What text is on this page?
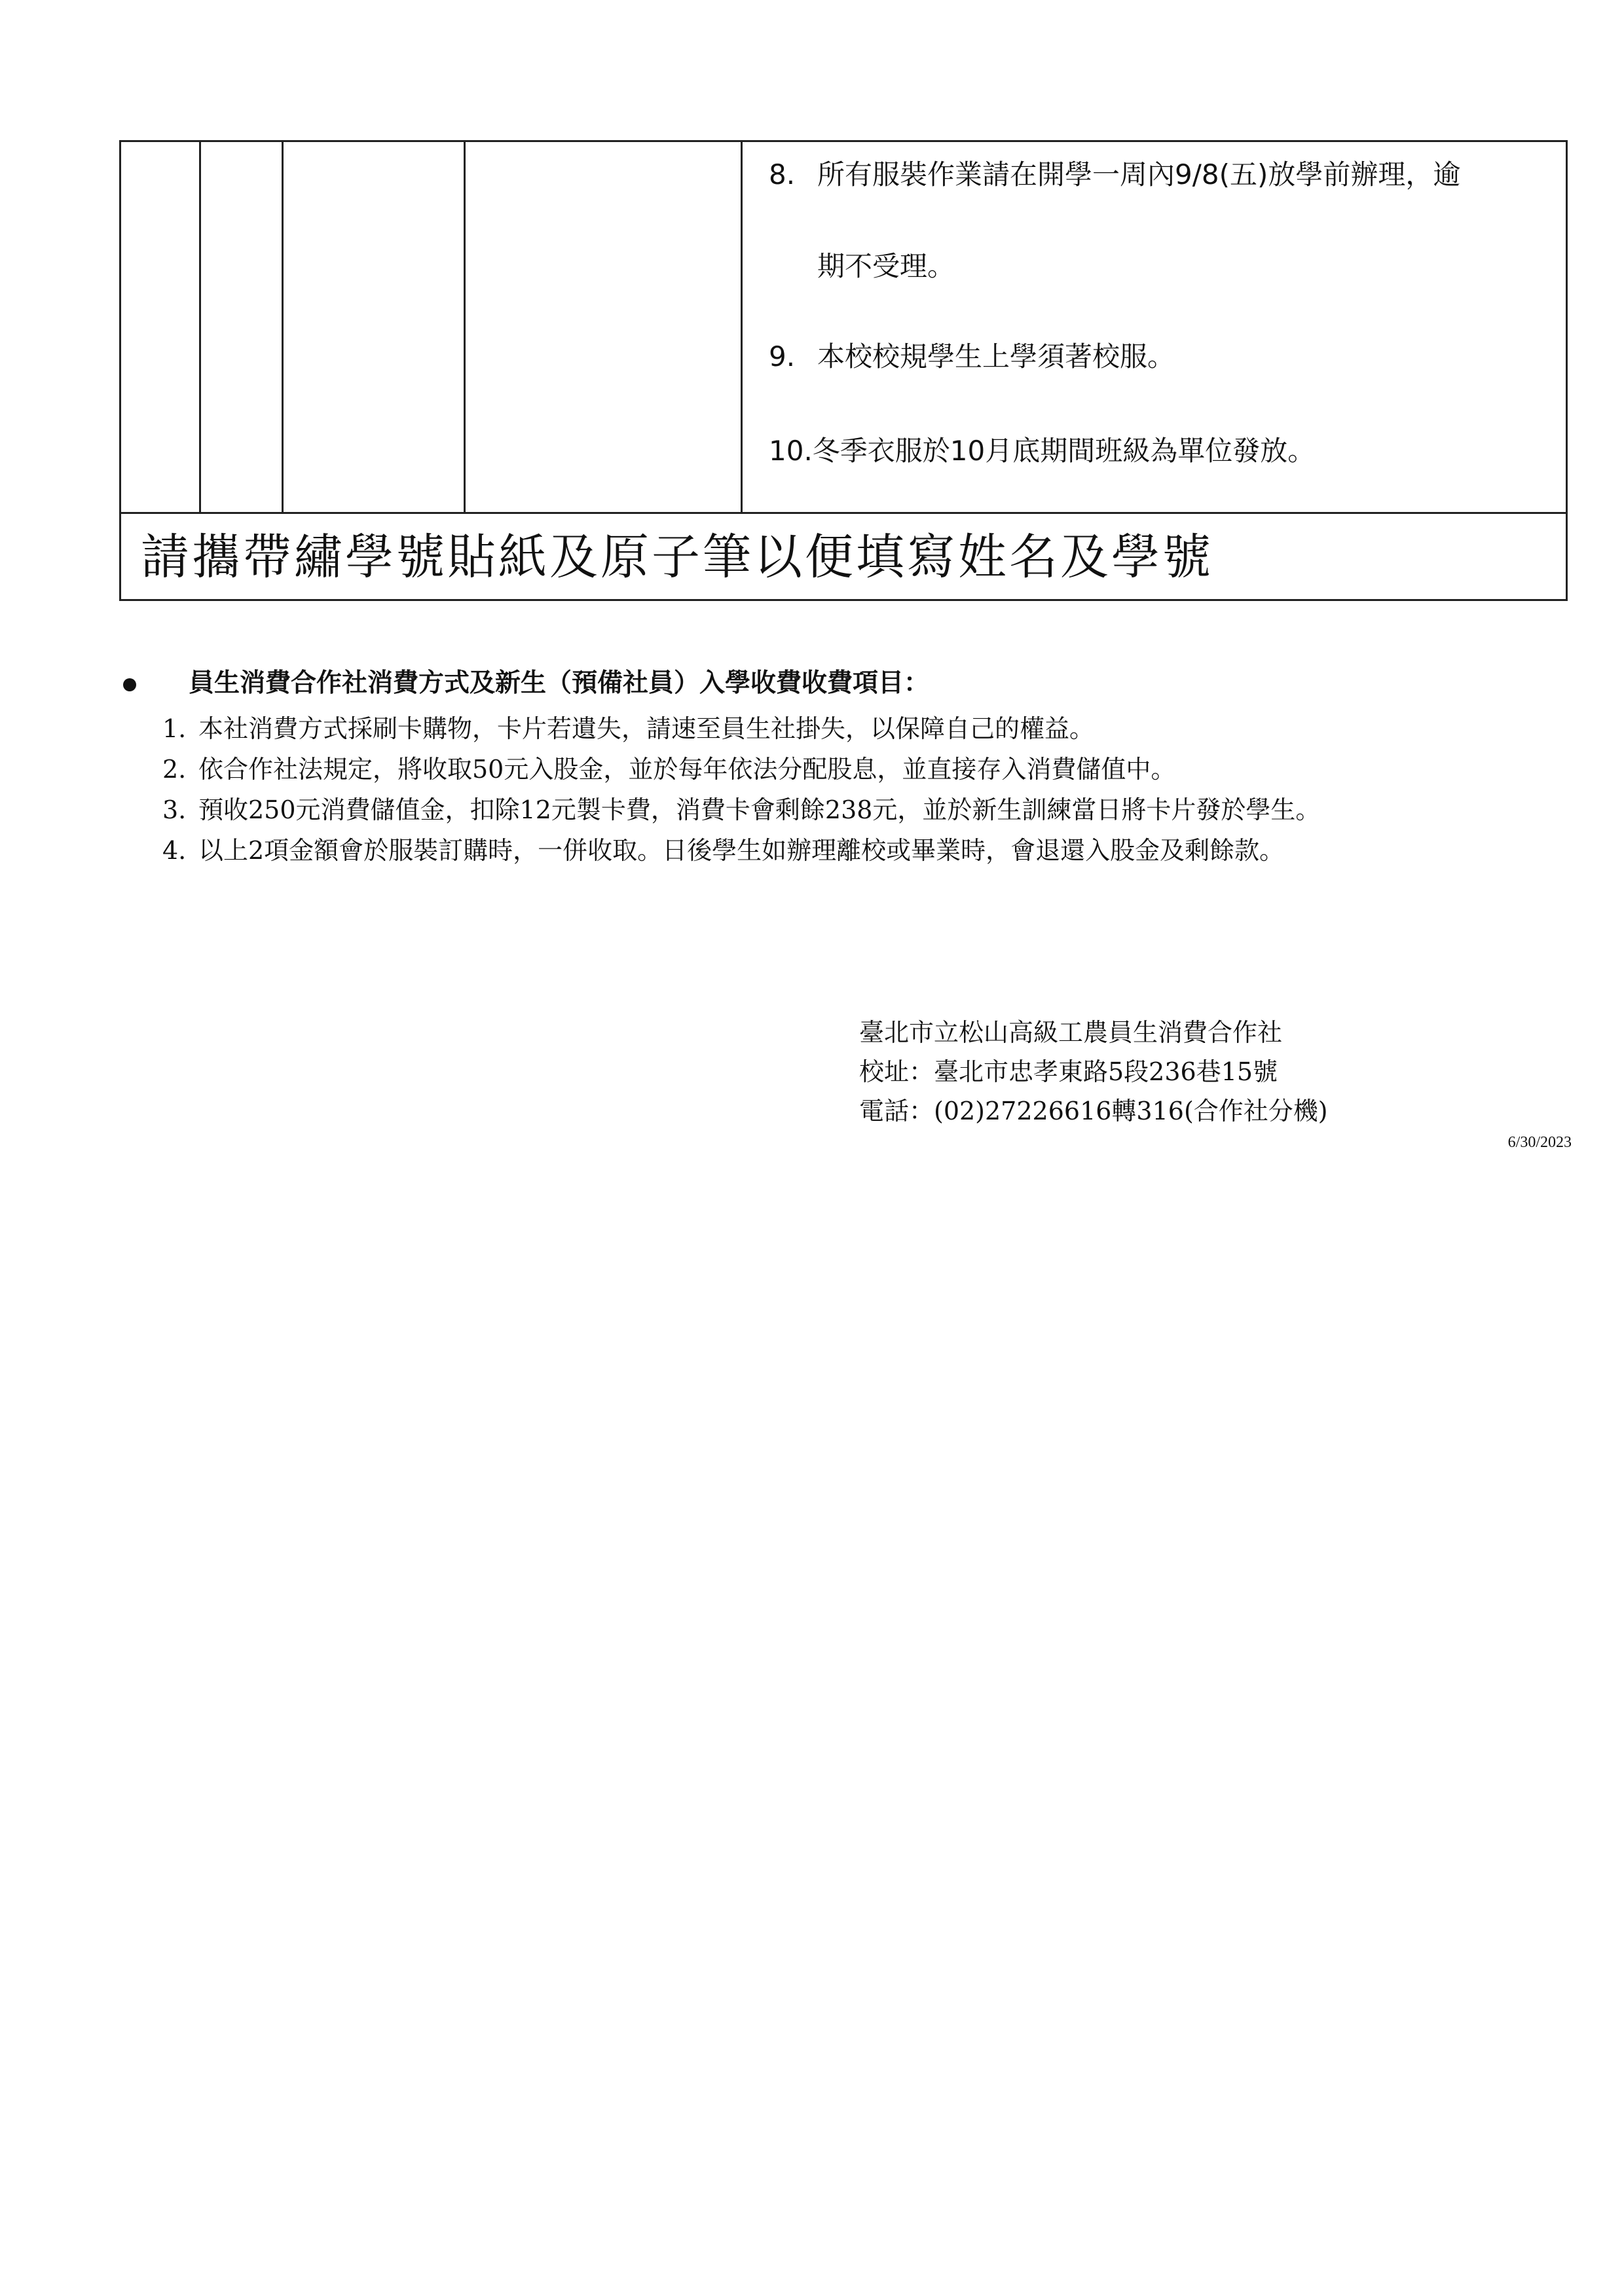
8. 所有服裝作業請在開學一周內9/8(五)放學前辦理，逾
期不受理。
9. 本校校規學生上學須著校服。
10.冬季衣服於10月底期間班級為單位發放。

請攜帶繡學號貼紙及原子筆以便填寫姓名及學號
員生消費合作社消費方式及新生（預備社員）入學收費收費項目：
1. 本社消費方式採刷卡購物，卡片若遺失，請速至員生社掛失，以保障自己的權益。
2. 依合作社法規定，將收取50元入股金，並於每年依法分配股息，並直接存入消費儲值中。
3. 預收250元消費儲值金，扣除12元製卡費，消費卡會剩餘238元，並於新生訓練當日將卡片發於學生。
4. 以上2項金額會於服裝訂購時，一併收取。日後學生如辦理離校或畢業時，會退還入股金及剩餘款。
臺北市立松山高級工農員生消費合作社
校址：臺北市忠孝東路5段236巷15號
電話：(02)27226616轉316(合作社分機)
6/30/2023
